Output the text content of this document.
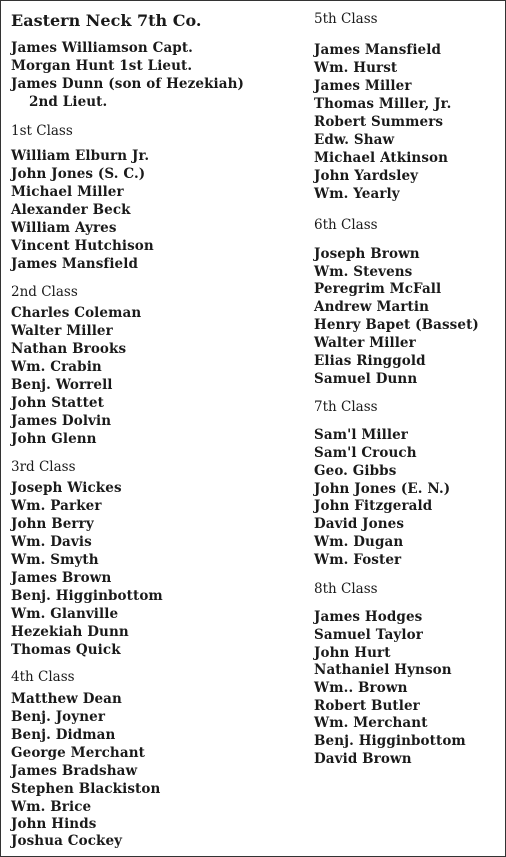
Eastern Neck 7th Co.
James Williamson Capt.
Morgan Hunt 1st Lieut.
James Dunn (son of Hezekiah)
2nd Lieut.
1st Class
William Elburn Jr.
John Jones (S. C.)
Michael Miller
Alexander Beck
William Ayres
Vincent Hutchison
James Mansfield
2nd Class
Charles Coleman
Walter Miller
Nathan Brooks
Wm. Crabin
Benj. Worrell
John Stattet
James Dolvin
John Glenn
3rd Class
Joseph Wickes
Wm. Parker
John Berry
Wm. Davis
Wm. Smyth
James Brown
Benj. Higginbottom
Wm. Glanville
Hezekiah Dunn
Thomas Quick
4th Class
Matthew Dean
Benj. Joyner
Benj. Didman
George Merchant
James Bradshaw
Stephen Blackiston
Wm. Brice
John Hinds
Joshua Cockey
5th Class
James Mansfield
Wm. Hurst
James Miller
Thomas Miller, Jr.
Robert Summers
Edw. Shaw
Michael Atkinson
John Yardsley
Wm. Yearly
6th Class
Joseph Brown
Wm. Stevens
Peregrim McFall
Andrew Martin
Henry Bapet (Basset)
Walter Miller
Elias Ringgold
Samuel Dunn
7th Class
Sam'l Miller
Sam'l Crouch
Geo. Gibbs
John Jones (E. N.)
John Fitzgerald
David Jones
Wm. Dugan
Wm. Foster
8th Class
James Hodges
Samuel Taylor
John Hurt
Nathaniel Hynson
Wm.. Brown
Robert Butler
Wm. Merchant
Benj. Higginbottom
David Brown
